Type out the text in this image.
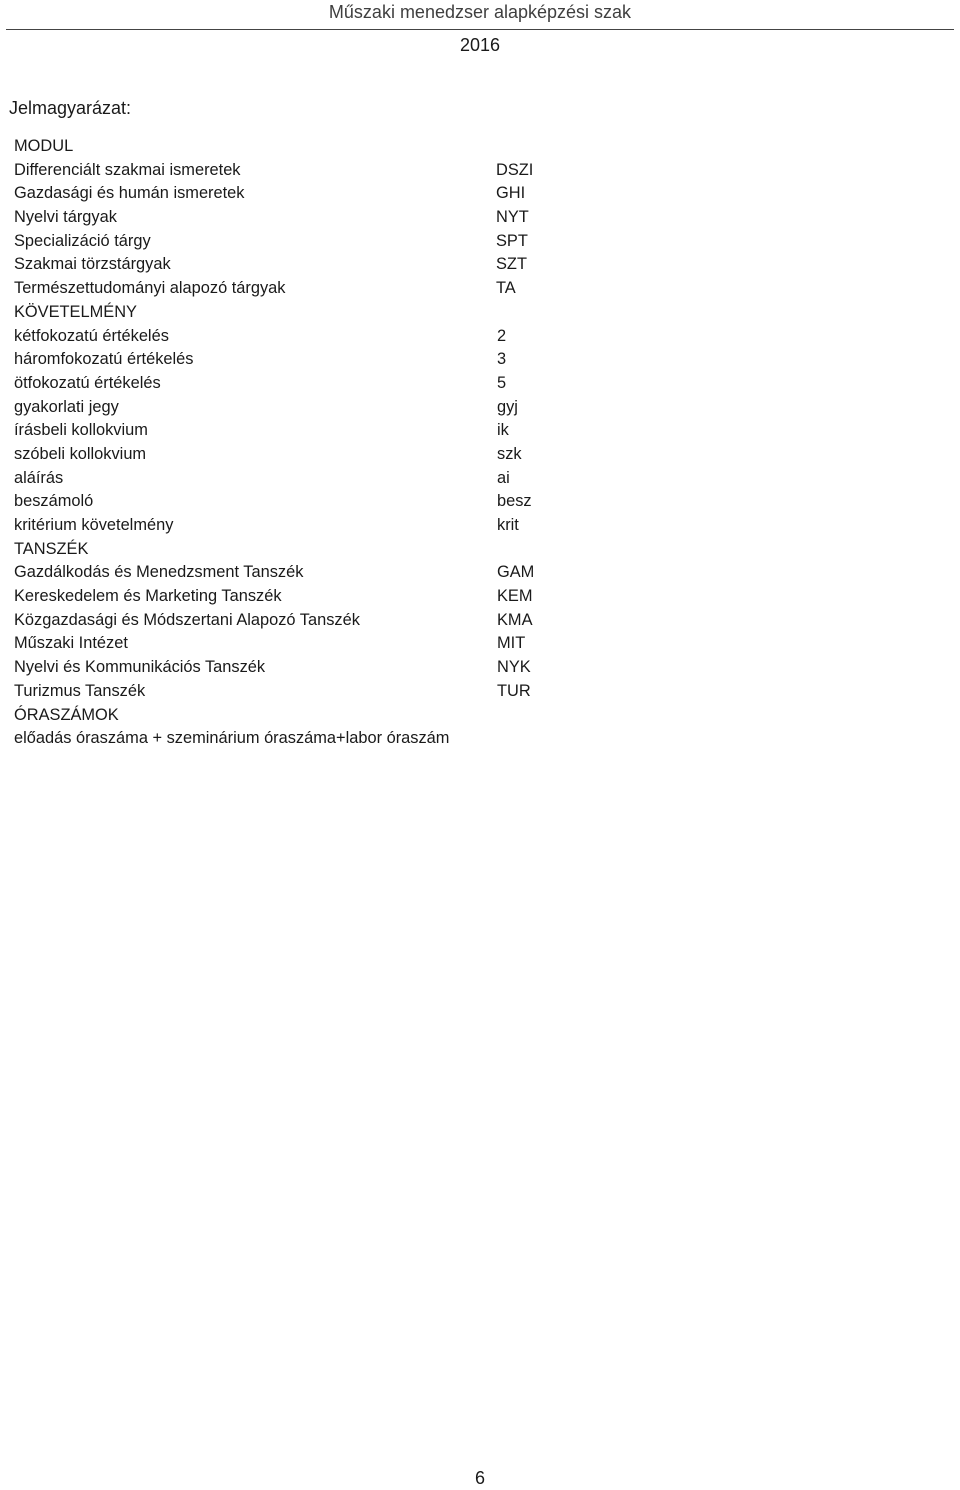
Műszaki menedzser alapképzési szak
2016
Jelmagyarázat:
MODUL
Differenciált szakmai ismeretek	DSZI
Gazdasági és humán ismeretek	GHI
Nyelvi tárgyak	NYT
Specializáció tárgy	SPT
Szakmai törzstárgyak	SZT
Természettudományi alapozó tárgyak	TA
KÖVETELMÉNY
kétfokozatú értékelés	2
háromfokozatú értékelés	3
ötfokozatú értékelés	5
gyakorlati jegy	gyj
írásbeli kollokvium	ik
szóbeli kollokvium	szk
aláírás	ai
beszámoló	besz
kritérium követelmény	krit
TANSZÉK
Gazdálkodás és Menedzsment Tanszék	GAM
Kereskedelem és Marketing Tanszék	KEM
Közgazdasági és Módszertani Alapozó Tanszék	KMA
Műszaki Intézet	MIT
Nyelvi és Kommunikációs Tanszék	NYK
Turizmus Tanszék	TUR
ÓRASZÁMOK
előadás óraszáma + szeminárium óraszáma+labor óraszám
6
